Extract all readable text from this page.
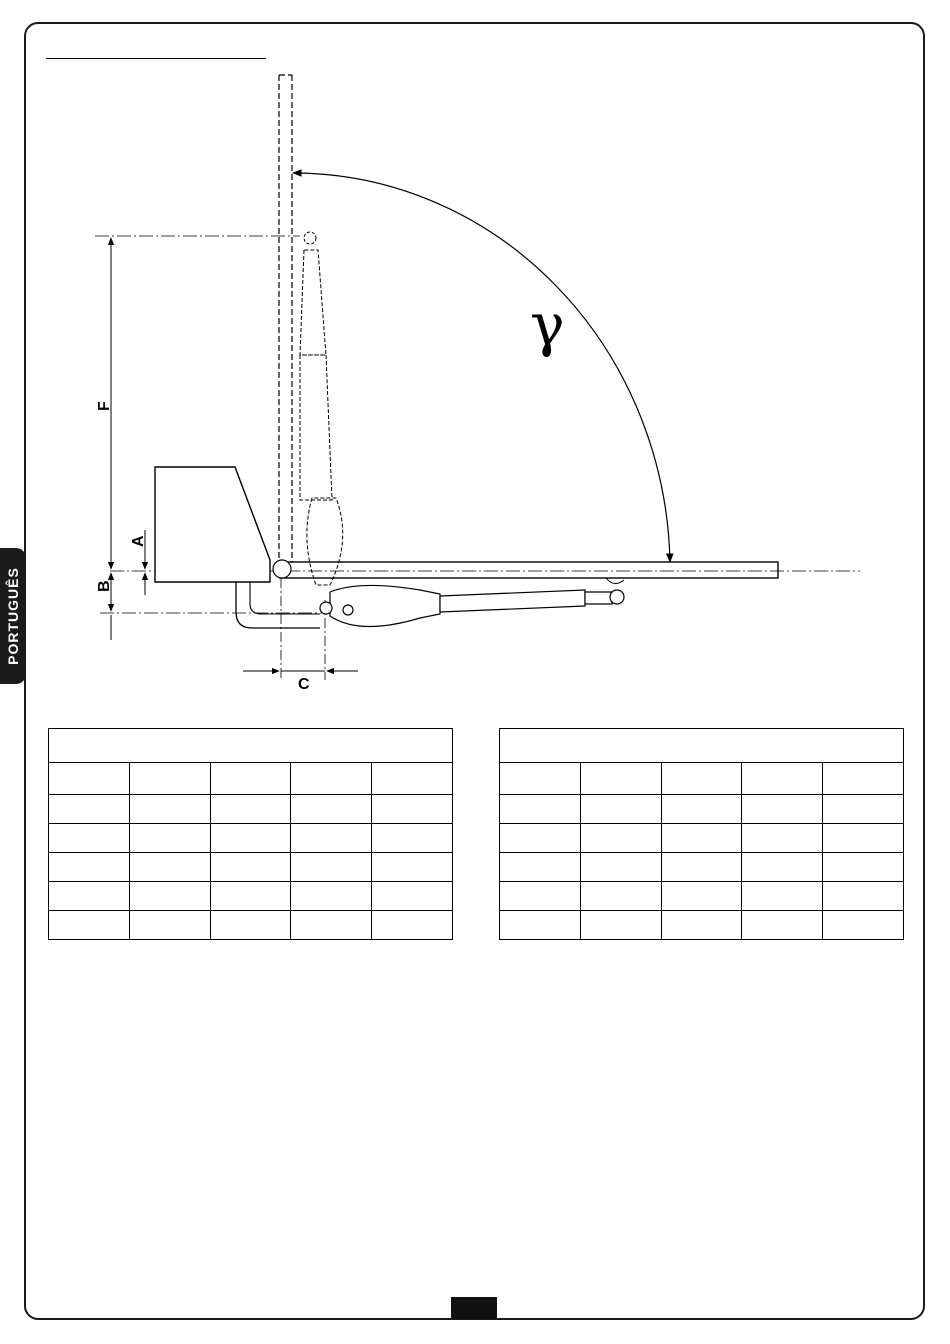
PORTUGUÊS
γ
F
A
B
C
